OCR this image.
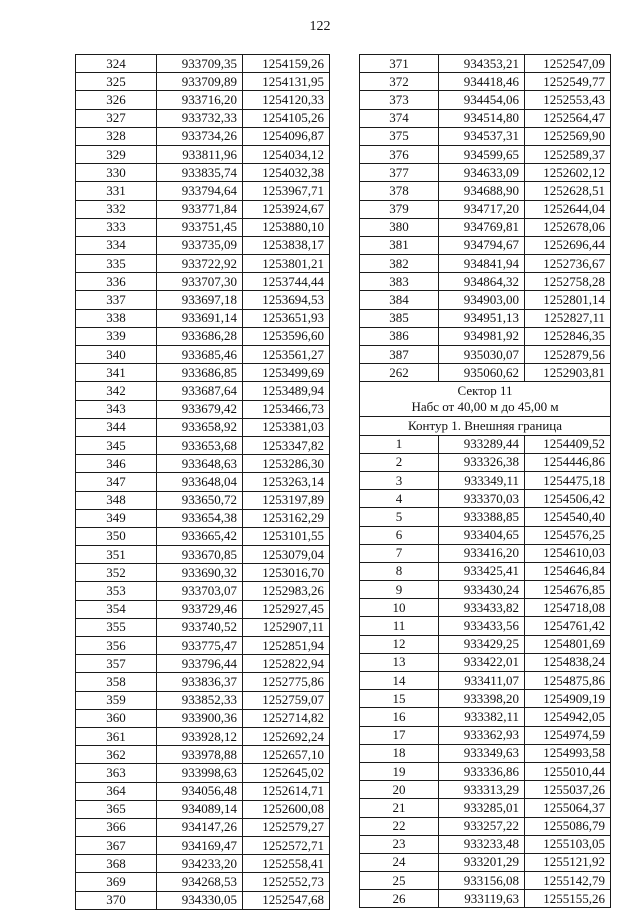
122
324	933709,35	1254159,26
325	933709,89	1254131,95
326	933716,20	1254120,33
327	933732,33	1254105,26
328	933734,26	1254096,87
329	933811,96	1254034,12
330	933835,74	1254032,38
331	933794,64	1253967,71
332	933771,84	1253924,67
333	933751,45	1253880,10
334	933735,09	1253838,17
335	933722,92	1253801,21
336	933707,30	1253744,44
337	933697,18	1253694,53
338	933691,14	1253651,93
339	933686,28	1253596,60
340	933685,46	1253561,27
341	933686,85	1253499,69
342	933687,64	1253489,94
343	933679,42	1253466,73
344	933658,92	1253381,03
345	933653,68	1253347,82
346	933648,63	1253286,30
347	933648,04	1253263,14
348	933650,72	1253197,89
349	933654,38	1253162,29
350	933665,42	1253101,55
351	933670,85	1253079,04
352	933690,32	1253016,70
353	933703,07	1252983,26
354	933729,46	1252927,45
355	933740,52	1252907,11
356	933775,47	1252851,94
357	933796,44	1252822,94
358	933836,37	1252775,86
359	933852,33	1252759,07
360	933900,36	1252714,82
361	933928,12	1252692,24
362	933978,88	1252657,10
363	933998,63	1252645,02
364	934056,48	1252614,71
365	934089,14	1252600,08
366	934147,26	1252579,27
367	934169,47	1252572,71
368	934233,20	1252558,41
369	934268,53	1252552,73
370	934330,05	1252547,68
371	934353,21	1252547,09
372	934418,46	1252549,77
373	934454,06	1252553,43
374	934514,80	1252564,47
375	934537,31	1252569,90
376	934599,65	1252589,37
377	934633,09	1252602,12
378	934688,90	1252628,51
379	934717,20	1252644,04
380	934769,81	1252678,06
381	934794,67	1252696,44
382	934841,94	1252736,67
383	934864,32	1252758,28
384	934903,00	1252801,14
385	934951,13	1252827,11
386	934981,92	1252846,35
387	935030,07	1252879,56
262	935060,62	1252903,81

Сектор 11
Набс от 40,00 м до 45,00 м		

Контур 1. Внешняя граница		
1	933289,44	1254409,52
2	933326,38	1254446,86
3	933349,11	1254475,18
4	933370,03	1254506,42
5	933388,85	1254540,40
6	933404,65	1254576,25
7	933416,20	1254610,03
8	933425,41	1254646,84
9	933430,24	1254676,85
10	933433,82	1254718,08
11	933433,56	1254761,42
12	933429,25	1254801,69
13	933422,01	1254838,24
14	933411,07	1254875,86
15	933398,20	1254909,19
16	933382,11	1254942,05
17	933362,93	1254974,59
18	933349,63	1254993,58
19	933336,86	1255010,44
20	933313,29	1255037,26
21	933285,01	1255064,37
22	933257,22	1255086,79
23	933233,48	1255103,05
24	933201,29	1255121,92
25	933156,08	1255142,79
26	933119,63	1255155,26
